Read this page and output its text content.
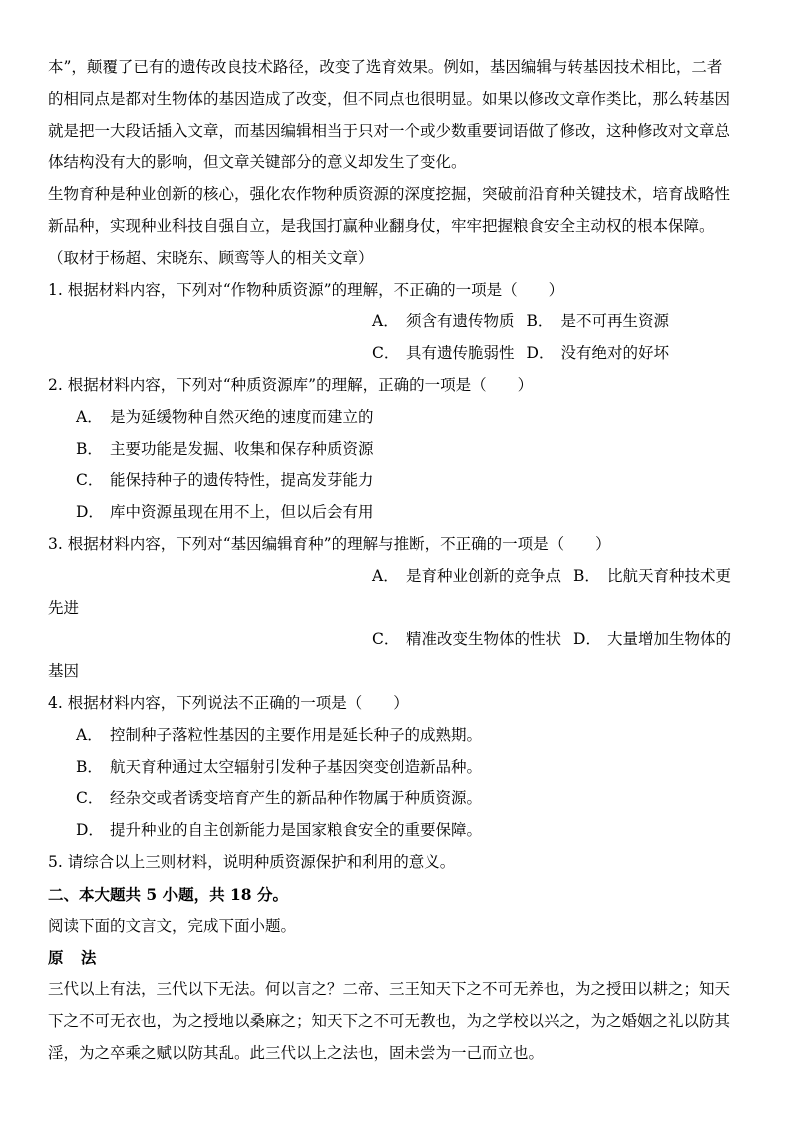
本”，颠覆了已有的遗传改良技术路径，改变了选育效果。例如，基因编辑与转基因技术相比，二者

的相同点是都对生物体的基因造成了改变，但不同点也很明显。如果以修改文章作类比，那么转基因

就是把一大段话插入文章，而基因编辑相当于只对一个或少数重要词语做了修改，这种修改对文章总

体结构没有大的影响，但文章关键部分的意义却发生了变化。

生物育种是种业创新的核心，强化农作物种质资源的深度挖掘，突破前沿育种关键技术，培育战略性

新品种，实现种业科技自强自立，是我国打赢种业翻身仗，牢牢把握粮食安全主动权的根本保障。

（取材于杨超、宋晓东、顾鸾等人的相关文章）

1. 根据材料内容，下列对“作物种质资源”的理解，不正确的一项是（　　）

A． 须含有遗传物质 B． 是不可再生资源

C． 具有遗传脆弱性 D． 没有绝对的好坏

2. 根据材料内容，下列对“种质资源库”的理解，正确的一项是（　　）

A． 是为延缓物种自然灭绝的速度而建立的

B． 主要功能是发掘、收集和保存种质资源

C． 能保持种子的遗传特性，提高发芽能力

D． 库中资源虽现在用不上，但以后会有用

3. 根据材料内容，下列对“基因编辑育种”的理解与推断，不正确的一项是（　　）

A． 是育种业创新的竞争点 B． 比航天育种技术更

先进

C． 精准改变生物体的性状 D． 大量增加生物体的

基因

4. 根据材料内容，下列说法不正确的一项是（　　）

A． 控制种子落粒性基因的主要作用是延长种子的成熟期。

B． 航天育种通过太空辐射引发种子基因突变创造新品种。

C． 经杂交或者诱变培育产生的新品种作物属于种质资源。

D． 提升种业的自主创新能力是国家粮食安全的重要保障。

5. 请综合以上三则材料，说明种质资源保护和利用的意义。

二、本大题共 5 小题，共 18 分。

阅读下面的文言文，完成下面小题。

原 法

三代以上有法，三代以下无法。何以言之？二帝、三王知天下之不可无养也，为之授田以耕之；知天

下之不可无衣也，为之授地以桑麻之；知天下之不可无教也，为之学校以兴之，为之婚姻之礼以防其

淫，为之卒乘之赋以防其乱。此三代以上之法也，固未尝为一己而立也。
